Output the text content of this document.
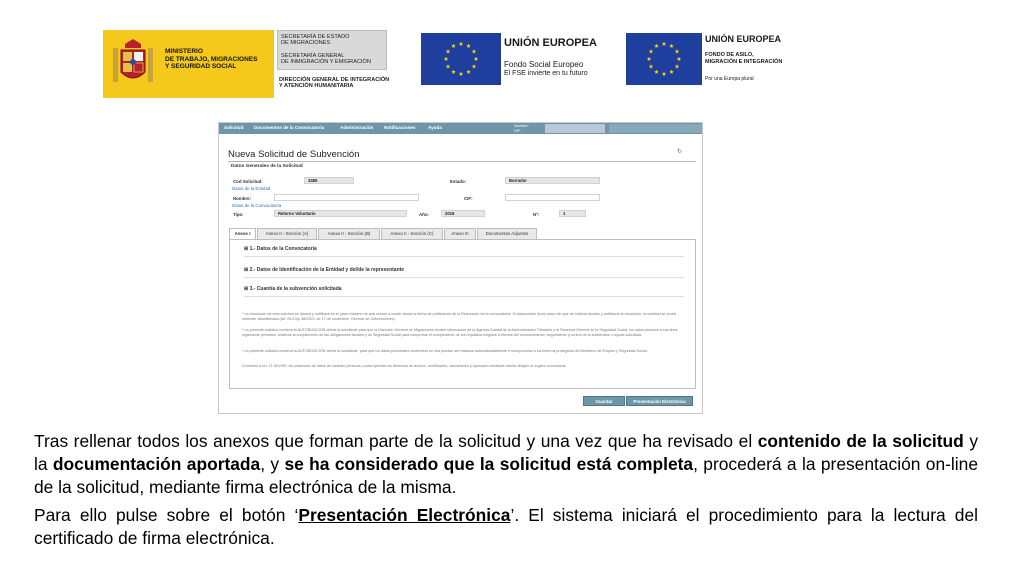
MINISTERIO
DE TRABAJO, MIGRACIONES
Y SEGURIDAD SOCIAL
SECRETARÍA DE ESTADO
DE MIGRACIONES
SECRETARÍA GENERAL
DE INMIGRACIÓN Y EMIGRACIÓN
DIRECCIÓN GENERAL DE INTEGRACIÓN
Y ATENCIÓN HUMANITARIA
UNIÓN EUROPEA
Fondo Social Europeo
El FSE invierte en tu futuro
UNIÓN EUROPEA
FONDO DE ASILO,
MIGRACIÓN E INTEGRACIÓN
Por una Europa plural
Solicitud Documentos de la Convocatoria	Administración Notificaciones	Ayuda	Nombre:
NIF:
Nueva Solicitud de Subvención	↻
Datos Generales de la Solicitud
Cod Solicitud:	3485	Estado:	Borrador
Datos de la Entidad
Nombre:	CIF:
Datos de la Convocatoria
Tipo:	Retorno Voluntario	Año:	2018	Nº:	1
Anexo I	Anexo II - Sección (A)	Anexo II - Sección (B)	Anexo II - Sección (C)	Anexo III	Documentos Adjuntos
⊞ 1.- Datos de la Convocatoria
⊞ 2.- Datos de Identificación de la Entidad y del/de la representante
⊞ 3.- Cuantía de la subvención solicitada
* La resolución de esta solicitud se dictará y notificará en el plazo máximo de seis meses a contar desde la fecha de publicación de la Resolución de la convocatoria. Si transcurrido dicho plazo sin que se hubiera dictado y notificado la resolución, la solicitud se podrá entender desestimada (art. 25.5 ley 38/2003, de 17 de noviembre, General de Subvenciones).
* La presente solicitud conlleva la AUTORIZACIÓN del/de la solicitante para que la Dirección General de Migraciones recabe información de la Agencia Estatal de la Administración Tributaria y la Tesorería General de la Seguridad Social, los datos precisos a sus fines legalmente previstos, relativos al cumplimiento de las obligaciones fiscales y de Seguridad Social para comprobar el cumplimiento de los requisitos exigidos a efectos del reconocimiento, seguimiento y control de la subvención o ayuda solicitada.
* La presente solicitud conlleva la AUTORIZACIÓN del/de la solicitante, para que los datos personales contenidos en ella puedan ser tratados automatizadamente e incorporados a los ficheros protegidos del Ministerio de Empleo y Seguridad Social.
Conforme a la L.O 15/1999, de protección de datos de carácter personal, podrá ejercitar los derechos de acceso, rectificación, cancelación y oposición mediante escrito dirigido al órgano convocante.
Guardar	Presentación Electrónica

Tras rellenar todos los anexos que forman parte de la solicitud y una vez que ha revisado el contenido de la solicitud y la documentación aportada, y se ha considerado que la solicitud está completa, procederá a la presentación on-line de la solicitud, mediante firma electrónica de la misma.

Para ello pulse sobre el botón ‘Presentación Electrónica’. El sistema iniciará el procedimiento para la lectura del certificado de firma electrónica.
